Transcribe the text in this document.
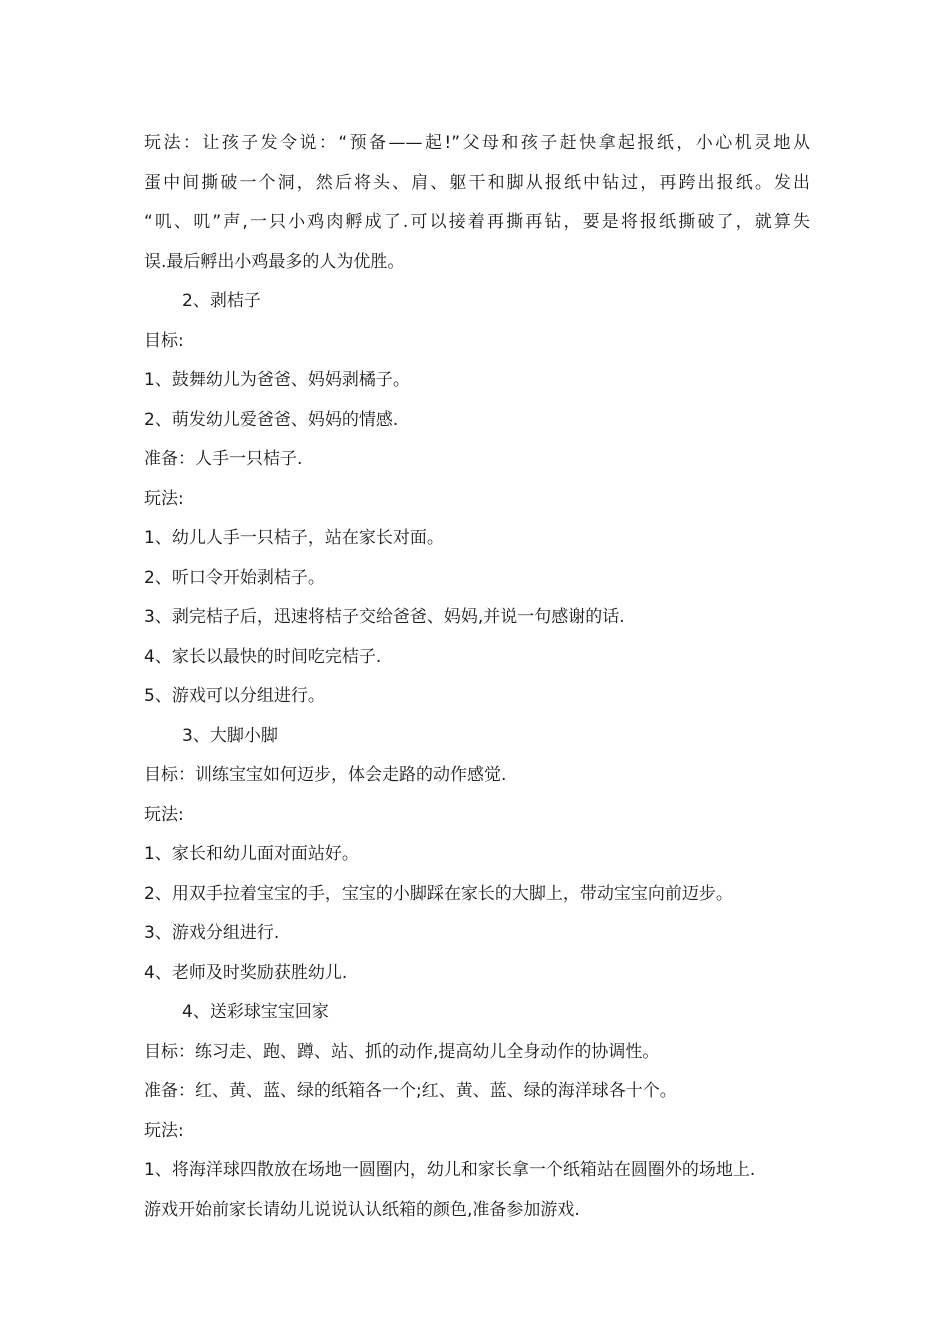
玩法：让孩子发令说：“预备——起!”父母和孩子赶快拿起报纸，小心机灵地从
蛋中间撕破一个洞，然后将头、肩、躯干和脚从报纸中钻过，再跨出报纸。发出
“叽、叽”声,一只小鸡肉孵成了.可以接着再撕再钻，要是将报纸撕破了，就算失
误.最后孵出小鸡最多的人为优胜。
2、剥桔子
目标:
1、鼓舞幼儿为爸爸、妈妈剥橘子。
2、萌发幼儿爱爸爸、妈妈的情感.
准备：人手一只桔子.
玩法:
1、幼儿人手一只桔子，站在家长对面。
2、听口令开始剥桔子。
3、剥完桔子后，迅速将桔子交给爸爸、妈妈,并说一句感谢的话.
4、家长以最快的时间吃完桔子.
5、游戏可以分组进行。
3、大脚小脚
目标：训练宝宝如何迈步，体会走路的动作感觉.
玩法:
1、家长和幼儿面对面站好。
2、用双手拉着宝宝的手，宝宝的小脚踩在家长的大脚上，带动宝宝向前迈步。
3、游戏分组进行.
4、老师及时奖励获胜幼儿.
4、送彩球宝宝回家
目标：练习走、跑、蹲、站、抓的动作,提高幼儿全身动作的协调性。
准备：红、黄、蓝、绿的纸箱各一个;红、黄、蓝、绿的海洋球各十个。
玩法:
1、将海洋球四散放在场地一圆圈内，幼儿和家长拿一个纸箱站在圆圈外的场地上.
游戏开始前家长请幼儿说说认认纸箱的颜色,准备参加游戏.
